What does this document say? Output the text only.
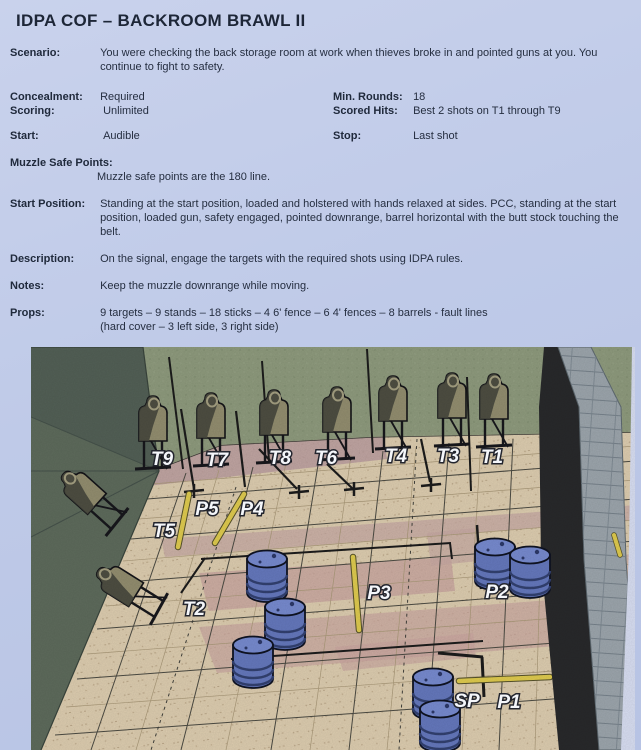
IDPA COF – BACKROOM BRAWL II
Scenario:	You were checking the back storage room at work when thieves broke in and pointed guns at you. You continue to fight to safety.
Concealment: Required
Scoring:	Unlimited
Min. Rounds: 18
Scored Hits: Best 2 shots on T1 through T9
Start:	Audible	Stop:	Last shot
Muzzle Safe Points:
Muzzle safe points are the 180 line.
Start Position: Standing at the start position, loaded and holstered with hands relaxed at sides. PCC, standing at the start position, loaded gun, safety engaged, pointed downrange, barrel horizontal with the butt stock touching the belt.
Description: On the signal, engage the targets with the required shots using IDPA rules.
Notes:	Keep the muzzle downrange while moving.
Props:	9 targets – 9 stands – 18 sticks – 4 6' fence – 6 4' fences – 8 barrels - fault lines
(hard cover – 3 left side, 3 right side)
T9 T7 T8 T6	T4 T3 T1
T5
P5 P4
T2
P3	P2
SP P1
